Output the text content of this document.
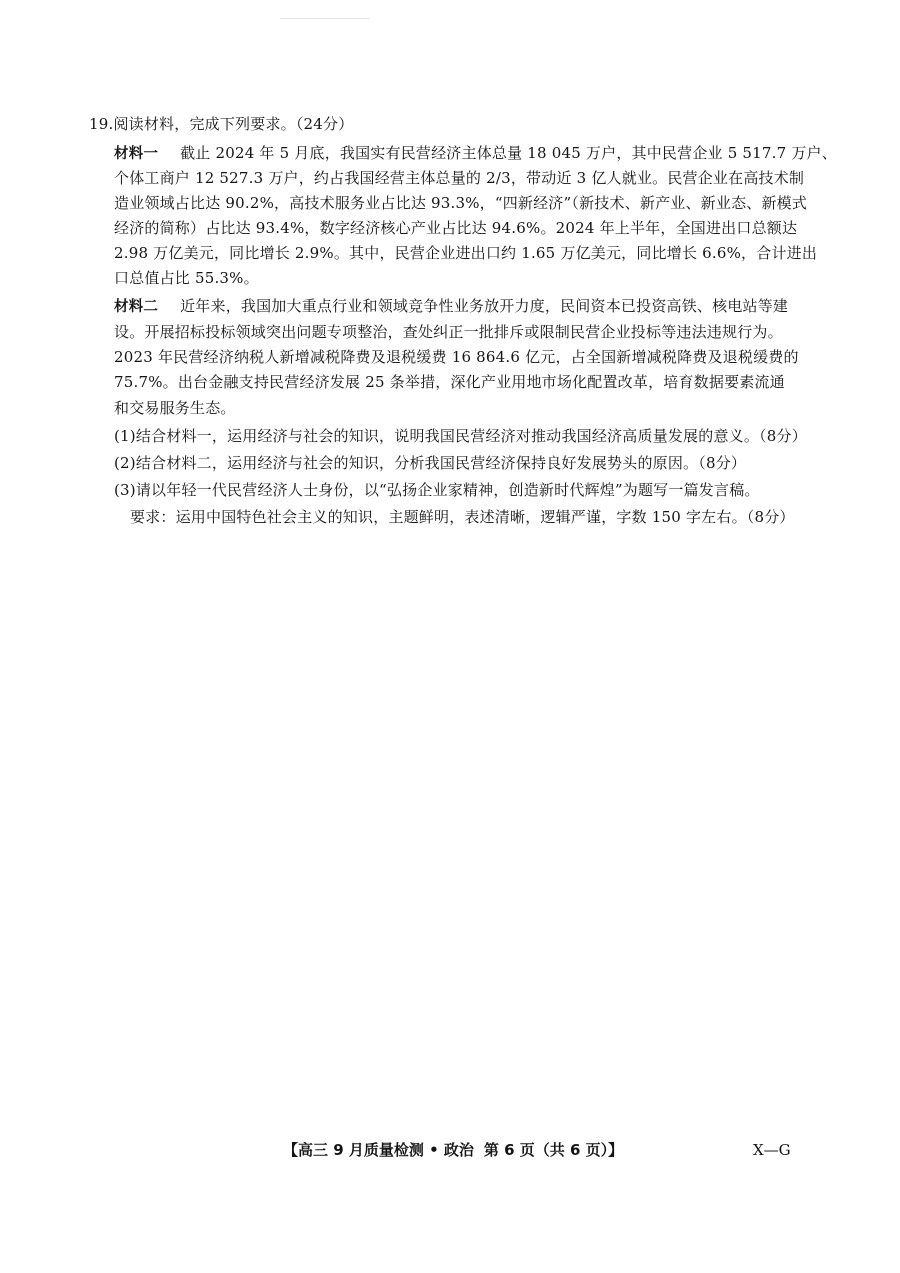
19.阅读材料，完成下列要求。（24分）
材料一 截止 2024 年 5 月底，我国实有民营经济主体总量 18 045 万户，其中民营企业 5 517.7 万户、
个体工商户 12 527.3 万户，约占我国经营主体总量的 2/3，带动近 3 亿人就业。民营企业在高技术制
造业领域占比达 90.2%，高技术服务业占比达 93.3%，“四新经济”（新技术、新产业、新业态、新模式
经济的简称）占比达 93.4%，数字经济核心产业占比达 94.6%。2024 年上半年，全国进出口总额达
2.98 万亿美元，同比增长 2.9%。其中，民营企业进出口约 1.65 万亿美元，同比增长 6.6%，合计进出
口总值占比 55.3%。
材料二 近年来，我国加大重点行业和领域竞争性业务放开力度，民间资本已投资高铁、核电站等建
设。开展招标投标领域突出问题专项整治，查处纠正一批排斥或限制民营企业投标等违法违规行为。
2023 年民营经济纳税人新增减税降费及退税缓费 16 864.6 亿元，占全国新增减税降费及退税缓费的
75.7%。出台金融支持民营经济发展 25 条举措，深化产业用地市场化配置改革，培育数据要素流通
和交易服务生态。
(1)结合材料一，运用经济与社会的知识，说明我国民营经济对推动我国经济高质量发展的意义。（8分）
(2)结合材料二，运用经济与社会的知识，分析我国民营经济保持良好发展势头的原因。（8分）
(3)请以年轻一代民营经济人士身份，以“弘扬企业家精神，创造新时代辉煌”为题写一篇发言稿。
要求：运用中国特色社会主义的知识，主题鲜明，表述清晰，逻辑严谨，字数 150 字左右。（8分）
【高三 9 月质量检测 • 政治 第 6 页（共 6 页）】	X—G
